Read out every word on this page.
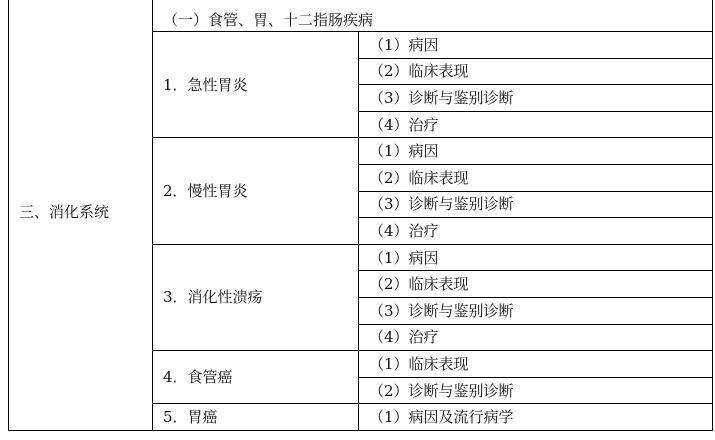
三、消化系统	（一）食管、胃、十二指肠疾病	
	1．急性胃炎	（1）病因
		（2）临床表现
		（3）诊断与鉴别诊断
		（4）治疗
	2．慢性胃炎	（1）病因
		（2）临床表现
		（3）诊断与鉴别诊断
		（4）治疗
	3．消化性溃疡	（1）病因
		（2）临床表现
		（3）诊断与鉴别诊断
		（4）治疗
	4．食管癌	（1）临床表现
		（2）诊断与鉴别诊断
	5．胃癌	（1）病因及流行病学
